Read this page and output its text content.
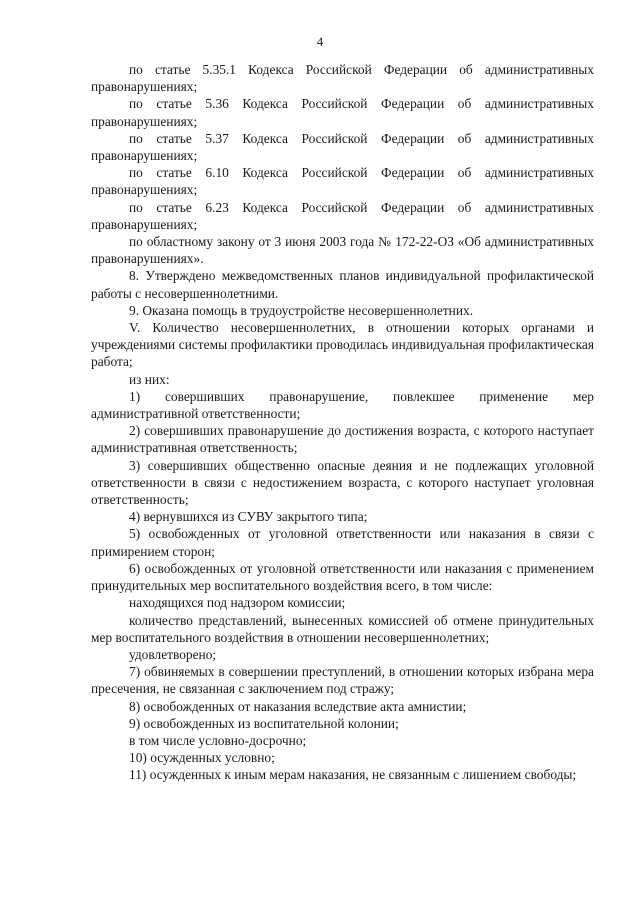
4

по статье 5.35.1 Кодекса Российской Федерации об административных правонарушениях;

по статье 5.36 Кодекса Российской Федерации об административных правонарушениях;

по статье 5.37 Кодекса Российской Федерации об административных правонарушениях;

по статье 6.10 Кодекса Российской Федерации об административных правонарушениях;

по статье 6.23 Кодекса Российской Федерации об административных правонарушениях;

по областному закону от 3 июня 2003 года № 172-22-ОЗ «Об административных правонарушениях».

8. Утверждено межведомственных планов индивидуальной профилактической работы с несовершеннолетними.

9. Оказана помощь в трудоустройстве несовершеннолетних.

V. Количество несовершеннолетних, в отношении которых органами и учреждениями системы профилактики проводилась индивидуальная профилактическая работа;

из них:

1) совершивших правонарушение, повлекшее применение мер административной ответственности;

2) совершивших правонарушение до достижения возраста, с которого наступает административная ответственность;

3) совершивших общественно опасные деяния и не подлежащих уголовной ответственности в связи с недостижением возраста, с которого наступает уголовная ответственность;

4) вернувшихся из СУВУ закрытого типа;

5) освобожденных от уголовной ответственности или наказания в связи с примирением сторон;

6) освобожденных от уголовной ответственности или наказания с применением принудительных мер воспитательного воздействия всего, в том числе:

находящихся под надзором комиссии;

количество представлений, вынесенных комиссией об отмене принудительных мер воспитательного воздействия в отношении несовершеннолетних;

удовлетворено;

7) обвиняемых в совершении преступлений, в отношении которых избрана мера пресечения, не связанная с заключением под стражу;

8) освобожденных от наказания вследствие акта амнистии;

9) освобожденных из воспитательной колонии;

в том числе условно-досрочно;

10) осужденных условно;

11) осужденных к иным мерам наказания, не связанным с лишением свободы;
